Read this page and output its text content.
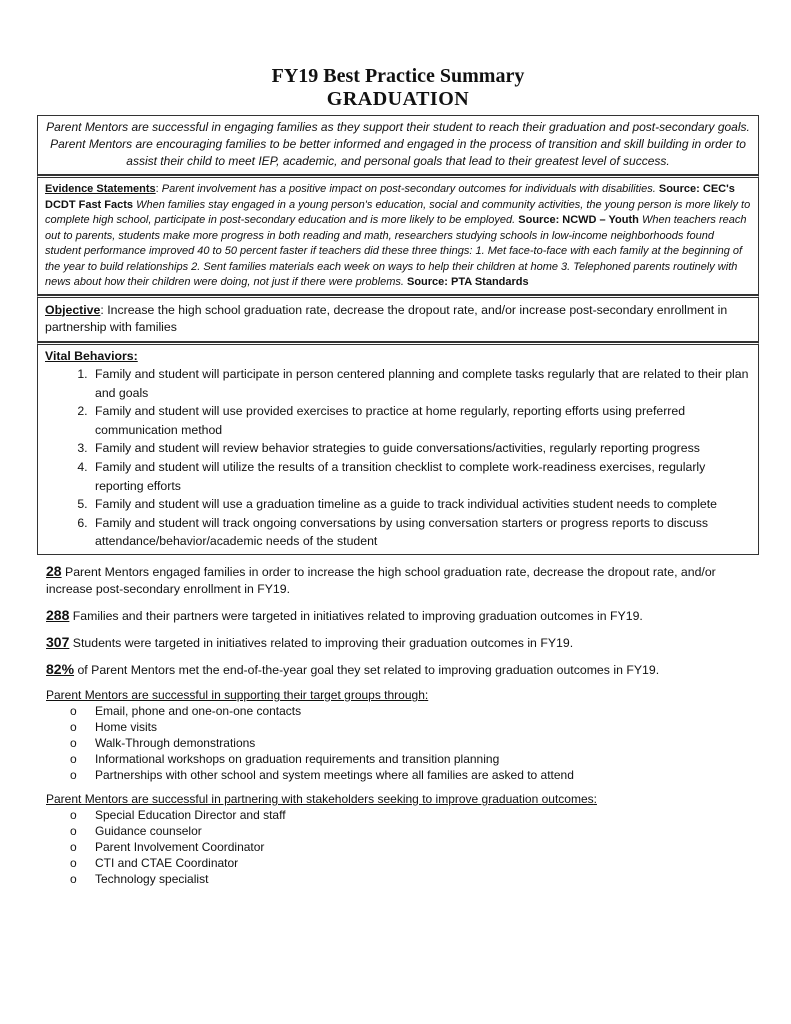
FY19 Best Practice Summary
GRADUATION
Parent Mentors are successful in engaging families as they support their student to reach their graduation and post-secondary goals. Parent Mentors are encouraging families to be better informed and engaged in the process of transition and skill building in order to assist their child to meet IEP, academic, and personal goals that lead to their greatest level of success.
Evidence Statements: Parent involvement has a positive impact on post-secondary outcomes for individuals with disabilities. Source: CEC's DCDT Fast Facts When families stay engaged in a young person's education, social and community activities, the young person is more likely to complete high school, participate in post-secondary education and is more likely to be employed. Source: NCWD – Youth When teachers reach out to parents, students make more progress in both reading and math, researchers studying schools in low-income neighborhoods found student performance improved 40 to 50 percent faster if teachers did these three things: 1. Met face-to-face with each family at the beginning of the year to build relationships 2. Sent families materials each week on ways to help their children at home 3. Telephoned parents routinely with news about how their children were doing, not just if there were problems. Source: PTA Standards
Objective: Increase the high school graduation rate, decrease the dropout rate, and/or increase post-secondary enrollment in partnership with families
Vital Behaviors:
1. Family and student will participate in person centered planning and complete tasks regularly that are related to their plan and goals
2. Family and student will use provided exercises to practice at home regularly, reporting efforts using preferred communication method
3. Family and student will review behavior strategies to guide conversations/activities, regularly reporting progress
4. Family and student will utilize the results of a transition checklist to complete work-readiness exercises, regularly reporting efforts
5. Family and student will use a graduation timeline as a guide to track individual activities student needs to complete
6. Family and student will track ongoing conversations by using conversation starters or progress reports to discuss attendance/behavior/academic needs of the student
28 Parent Mentors engaged families in order to increase the high school graduation rate, decrease the dropout rate, and/or increase post-secondary enrollment in FY19.
288 Families and their partners were targeted in initiatives related to improving graduation outcomes in FY19.
307 Students were targeted in initiatives related to improving their graduation outcomes in FY19.
82% of Parent Mentors met the end-of-the-year goal they set related to improving graduation outcomes in FY19.
Parent Mentors are successful in supporting their target groups through:
o Email, phone and one-on-one contacts
o Home visits
o Walk-Through demonstrations
o Informational workshops on graduation requirements and transition planning
o Partnerships with other school and system meetings where all families are asked to attend
Parent Mentors are successful in partnering with stakeholders seeking to improve graduation outcomes:
o Special Education Director and staff
o Guidance counselor
o Parent Involvement Coordinator
o CTI and CTAE Coordinator
o Technology specialist
